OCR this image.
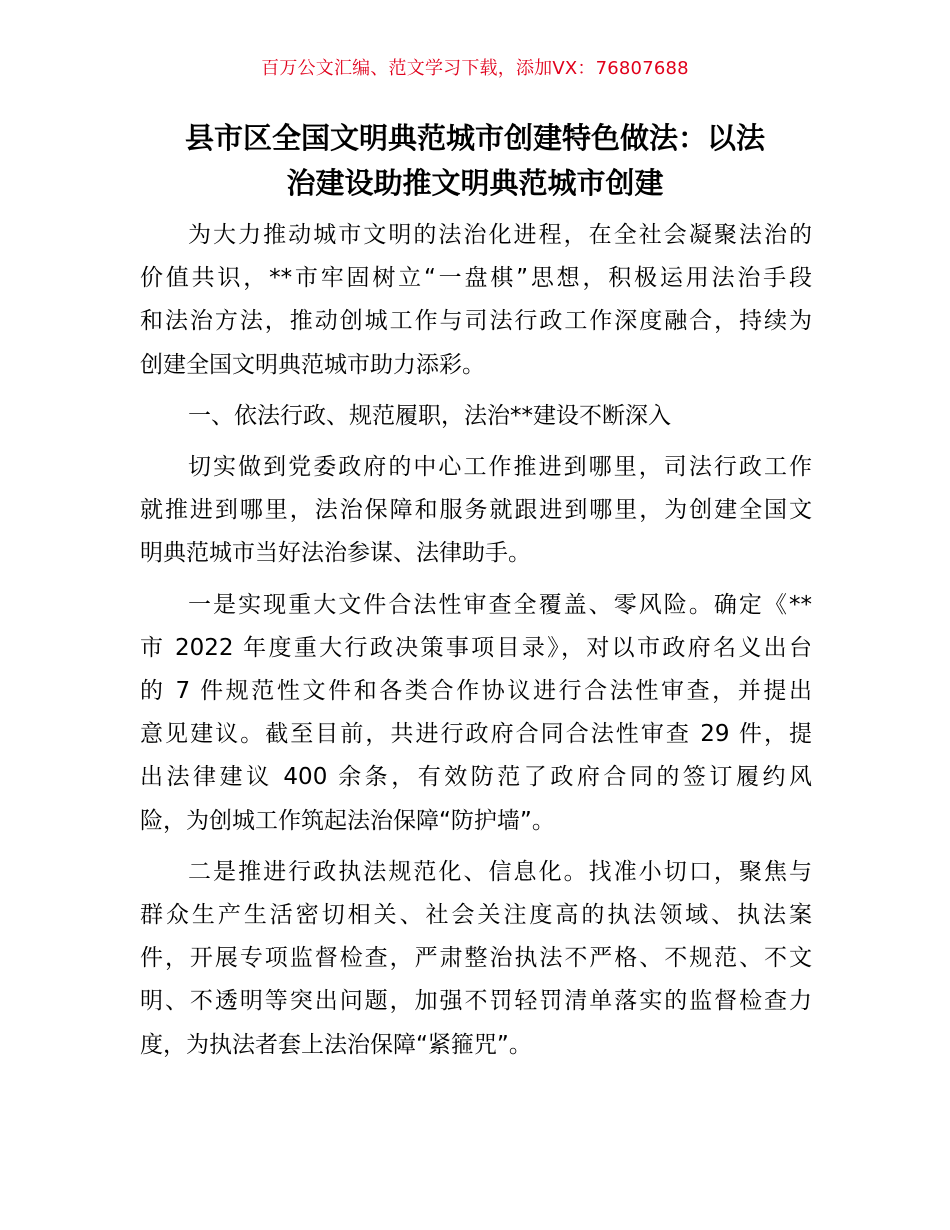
百万公文汇编、范文学习下载，添加VX：76807688
县市区全国文明典范城市创建特色做法：以法
治建设助推文明典范城市创建

为大力推动城市文明的法治化进程，在全社会凝聚法治的
价值共识，**市牢固树立“一盘棋”思想，积极运用法治手段
和法治方法，推动创城工作与司法行政工作深度融合，持续为
创建全国文明典范城市助力添彩。

一、依法行政、规范履职，法治**建设不断深入

切实做到党委政府的中心工作推进到哪里，司法行政工作
就推进到哪里，法治保障和服务就跟进到哪里，为创建全国文
明典范城市当好法治参谋、法律助手。

一是实现重大文件合法性审查全覆盖、零风险。确定《**
市 2022 年度重大行政决策事项目录》，对以市政府名义出台
的 7 件规范性文件和各类合作协议进行合法性审查，并提出
意见建议。截至目前，共进行政府合同合法性审查 29 件，提
出法律建议 400 余条，有效防范了政府合同的签订履约风
险，为创城工作筑起法治保障“防护墙”。

二是推进行政执法规范化、信息化。找准小切口，聚焦与
群众生产生活密切相关、社会关注度高的执法领域、执法案
件，开展专项监督检查，严肃整治执法不严格、不规范、不文
明、不透明等突出问题，加强不罚轻罚清单落实的监督检查力
度，为执法者套上法治保障“紧箍咒”。
